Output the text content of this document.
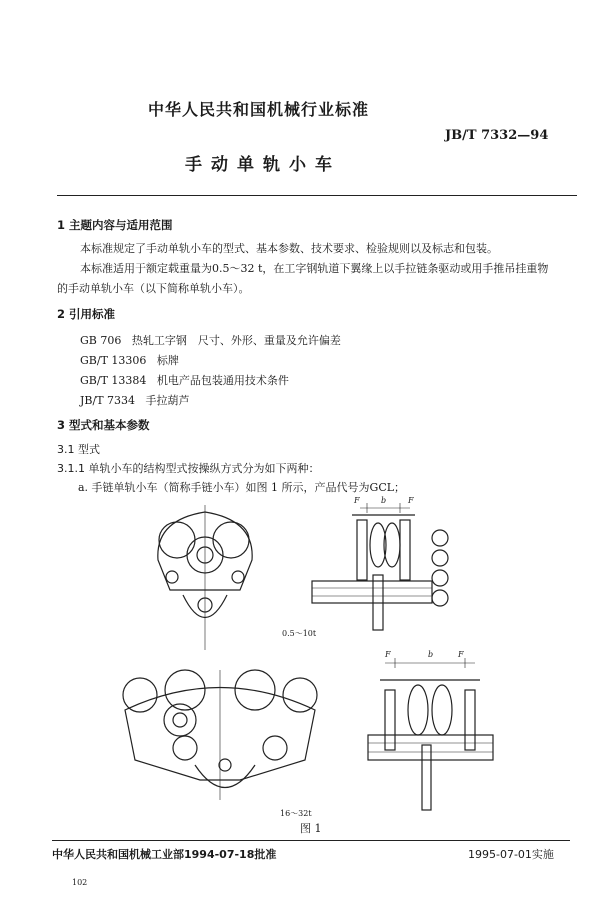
中华人民共和国机械行业标准
JB/T 7332—94
手动单轨小车
1 主题内容与适用范围
本标准规定了手动单轨小车的型式、基本参数、技术要求、检验规则以及标志和包装。
本标准适用于额定载重量为0.5～32 t，在工字钢轨道下翼缘上以手拉链条驱动或用手推吊挂重物
的手动单轨小车（以下简称单轨小车）。
2 引用标准
GB 706 热轧工字钢　尺寸、外形、重量及允许偏差
GB/T 13306 标牌
GB/T 13384 机电产品包装通用技术条件
JB/T 7334 手拉葫芦
3 型式和基本参数
3.1 型式
3.1.1 单轨小车的结构型式按操纵方式分为如下两种：
a. 手链单轨小车（简称手链小车）如图 1 所示，产品代号为GCL；
F	b	F
F	b	F
0.5～10t
16～32t
图 1
中华人民共和国机械工业部1994-07-18批准	1995-07-01实施
102
